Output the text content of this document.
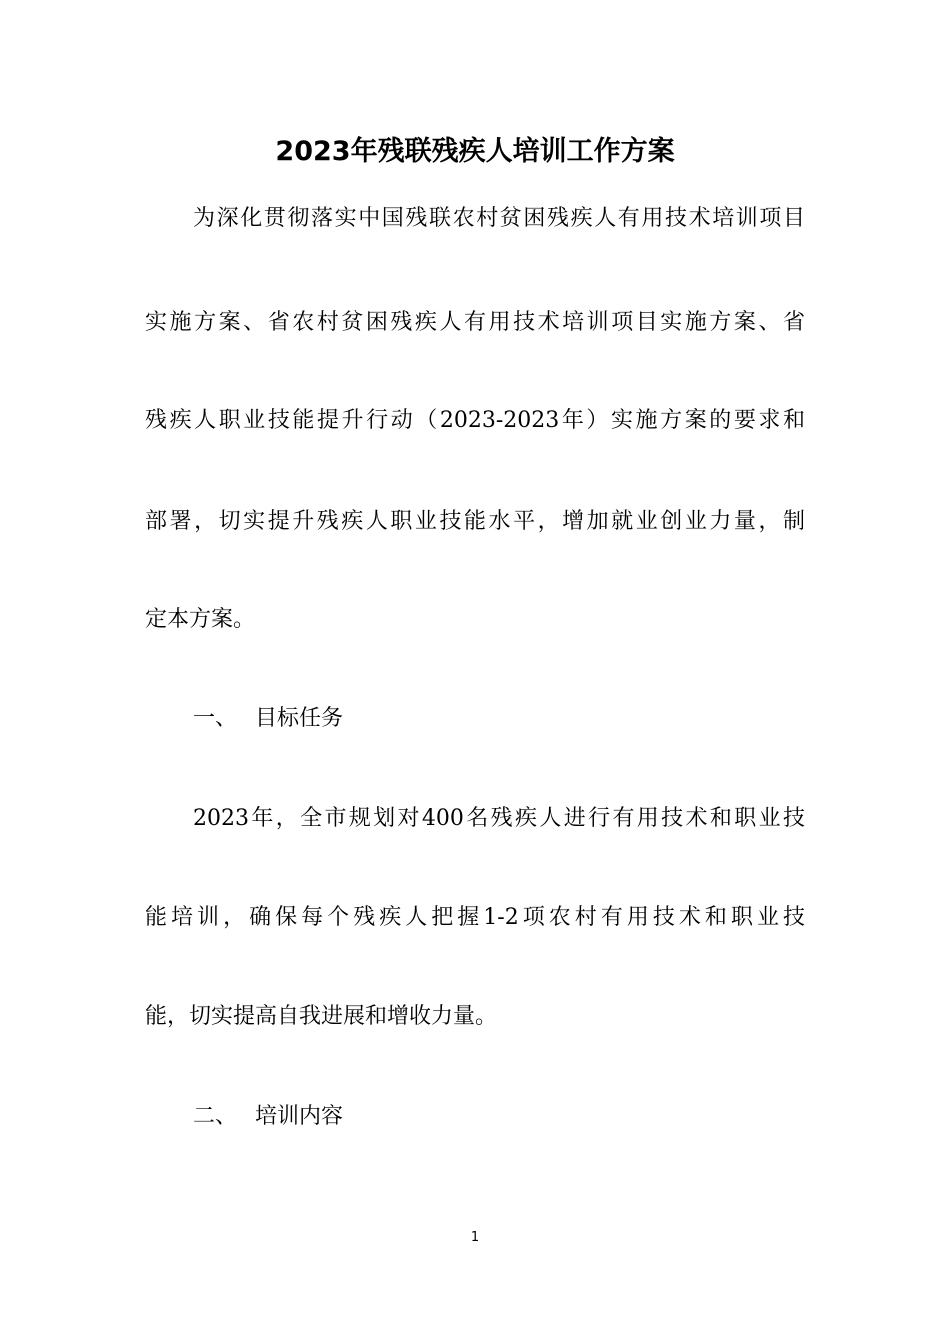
2023年残联残疾人培训工作方案
为深化贯彻落实中国残联农村贫困残疾人有用技术培训项目
实施方案、省农村贫困残疾人有用技术培训项目实施方案、省
残疾人职业技能提升行动（2023-2023年）实施方案的要求和
部署，切实提升残疾人职业技能水平，增加就业创业力量，制
定本方案。
一、 目标任务
2023年，全市规划对400名残疾人进行有用技术和职业技
能培训，确保每个残疾人把握1-2项农村有用技术和职业技
能，切实提高自我进展和增收力量。
二、 培训内容
1
